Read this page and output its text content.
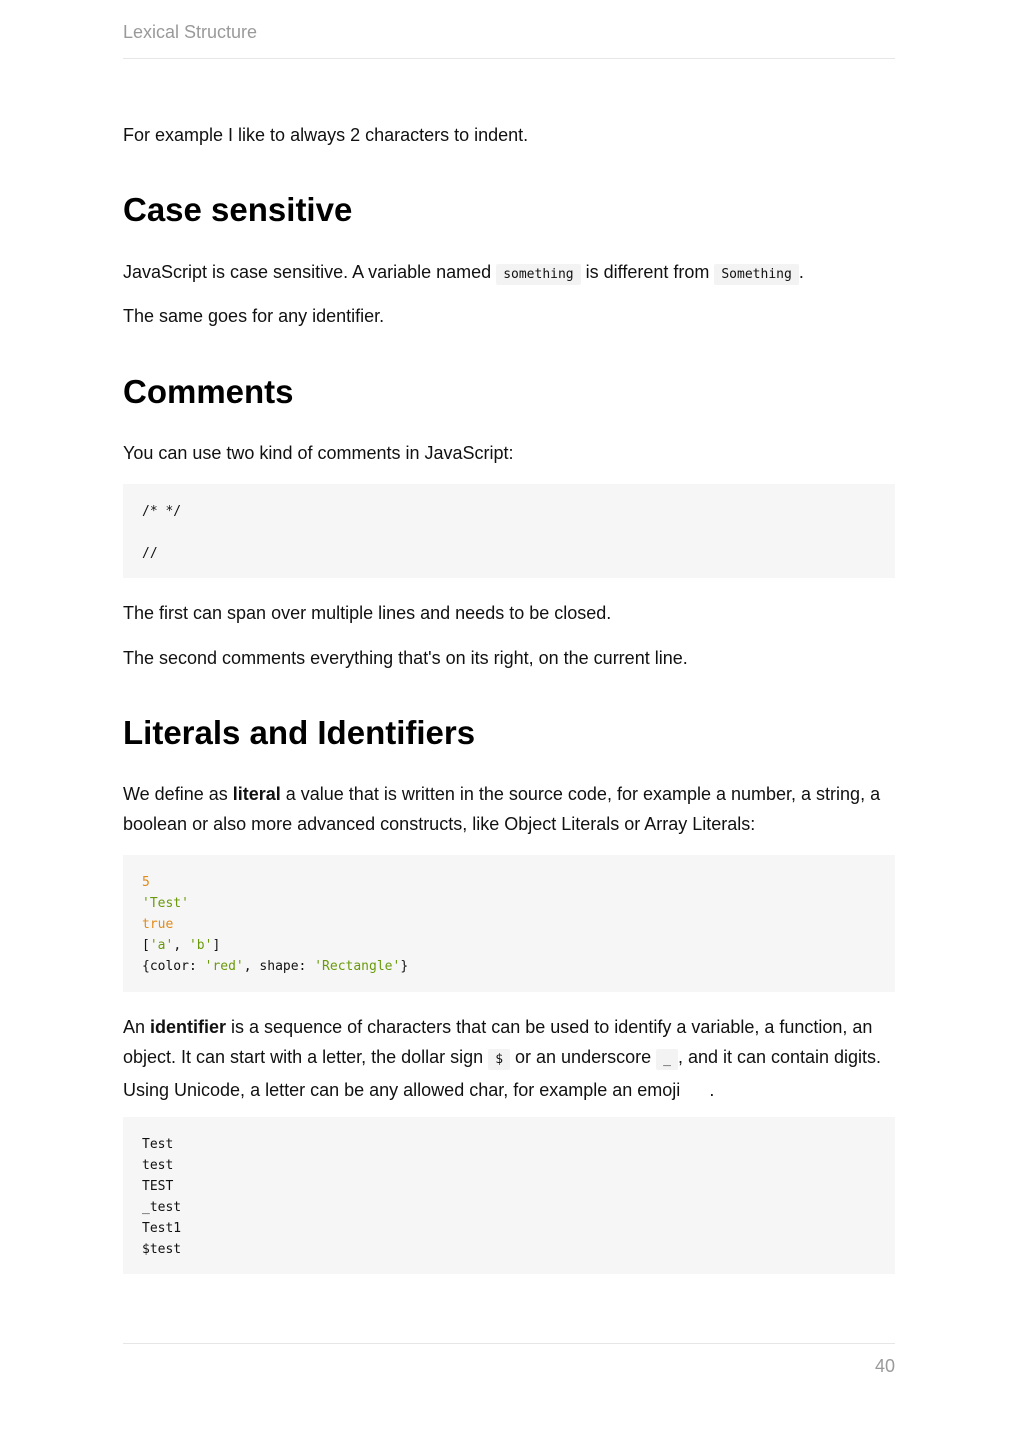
Lexical Structure

For example I like to always 2 characters to indent.

Case sensitive

JavaScript is case sensitive. A variable named something is different from Something .

The same goes for any identifier.

Comments

You can use two kind of comments in JavaScript:

/* */
//

The first can span over multiple lines and needs to be closed.

The second comments everything that's on its right, on the current line.

Literals and Identifiers

We define as literal a value that is written in the source code, for example a number, a string, a boolean or also more advanced constructs, like Object Literals or Array Literals:

5
'Test'
true
['a', 'b']
{color: 'red', shape: 'Rectangle'}

An identifier is a sequence of characters that can be used to identify a variable, a function, an object. It can start with a letter, the dollar sign $ or an underscore _ , and it can contain digits. Using Unicode, a letter can be any allowed char, for example an emoji .

Test
test
TEST
_test
Test1
$test
40
